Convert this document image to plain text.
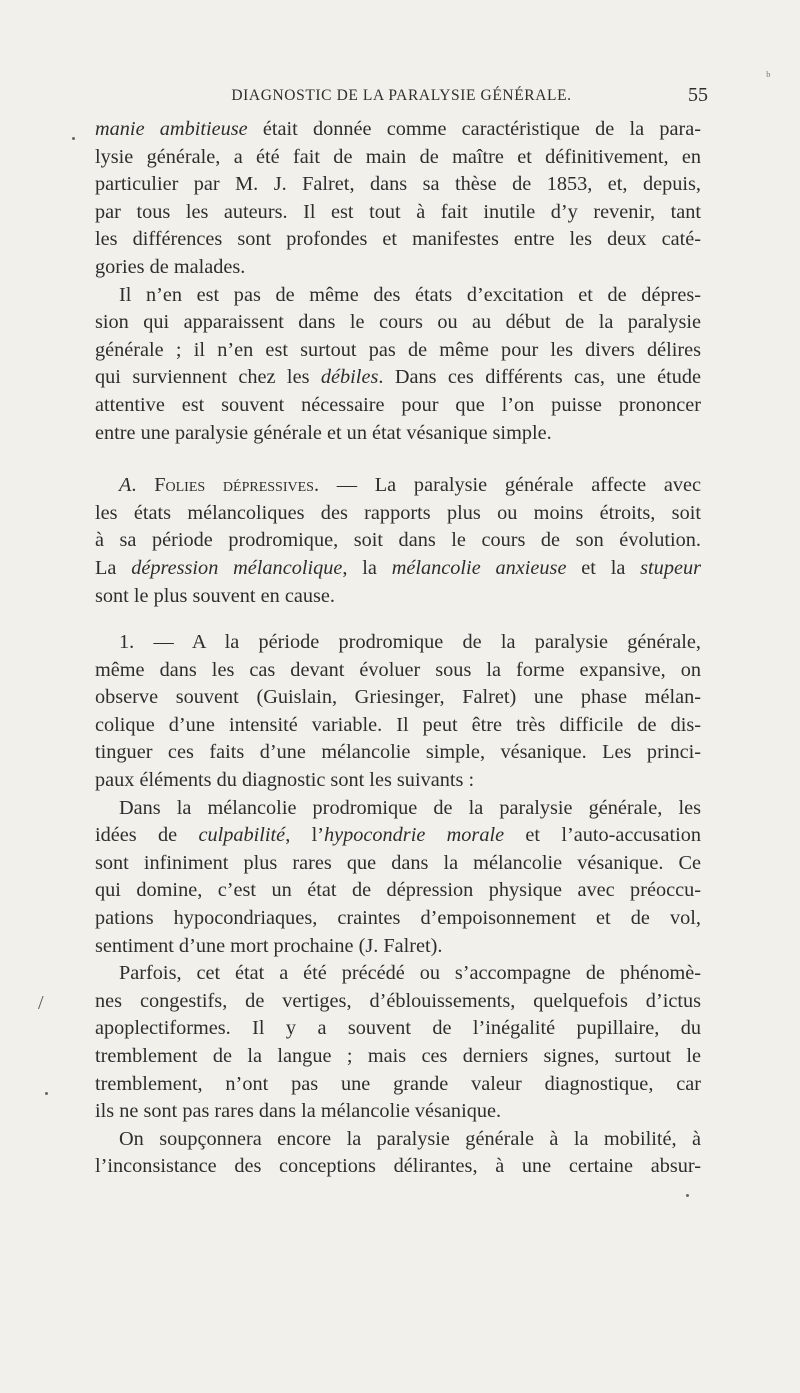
DIAGNOSTIC DE LA PARALYSIE GÉNÉRALE.	55
ᵇ
/
manie ambitieuse était donnée comme caractéristique de la para-
lysie générale, a été fait de main de maître et définitivement, en
particulier par M. J. Falret, dans sa thèse de 1853, et, depuis,
par tous les auteurs. Il est tout à fait inutile d’y revenir, tant
les différences sont profondes et manifestes entre les deux caté-
gories de malades.
Il n’en est pas de même des états d’excitation et de dépres-
sion qui apparaissent dans le cours ou au début de la paralysie
générale ; il n’en est surtout pas de même pour les divers délires
qui surviennent chez les débiles. Dans ces différents cas, une étude
attentive est souvent nécessaire pour que l’on puisse prononcer
entre une paralysie générale et un état vésanique simple.
A. Folies dépressives. — La paralysie générale affecte avec
les états mélancoliques des rapports plus ou moins étroits, soit
à sa période prodromique, soit dans le cours de son évolution.
La dépression mélancolique, la mélancolie anxieuse et la stupeur
sont le plus souvent en cause.
1. — A la période prodromique de la paralysie générale,
même dans les cas devant évoluer sous la forme expansive, on
observe souvent (Guislain, Griesinger, Falret) une phase mélan-
colique d’une intensité variable. Il peut être très difficile de dis-
tinguer ces faits d’une mélancolie simple, vésanique. Les princi-
paux éléments du diagnostic sont les suivants :
Dans la mélancolie prodromique de la paralysie générale, les
idées de culpabilité, l’hypocondrie morale et l’auto-accusation
sont infiniment plus rares que dans la mélancolie vésanique. Ce
qui domine, c’est un état de dépression physique avec préoccu-
pations hypocondriaques, craintes d’empoisonnement et de vol,
sentiment d’une mort prochaine (J. Falret).
Parfois, cet état a été précédé ou s’accompagne de phénomè-
nes congestifs, de vertiges, d’éblouissements, quelquefois d’ictus
apoplectiformes. Il y a souvent de l’inégalité pupillaire, du
tremblement de la langue ; mais ces derniers signes, surtout le
tremblement, n’ont pas une grande valeur diagnostique, car
ils ne sont pas rares dans la mélancolie vésanique.
On soupçonnera encore la paralysie générale à la mobilité, à
l’inconsistance des conceptions délirantes, à une certaine absur-
